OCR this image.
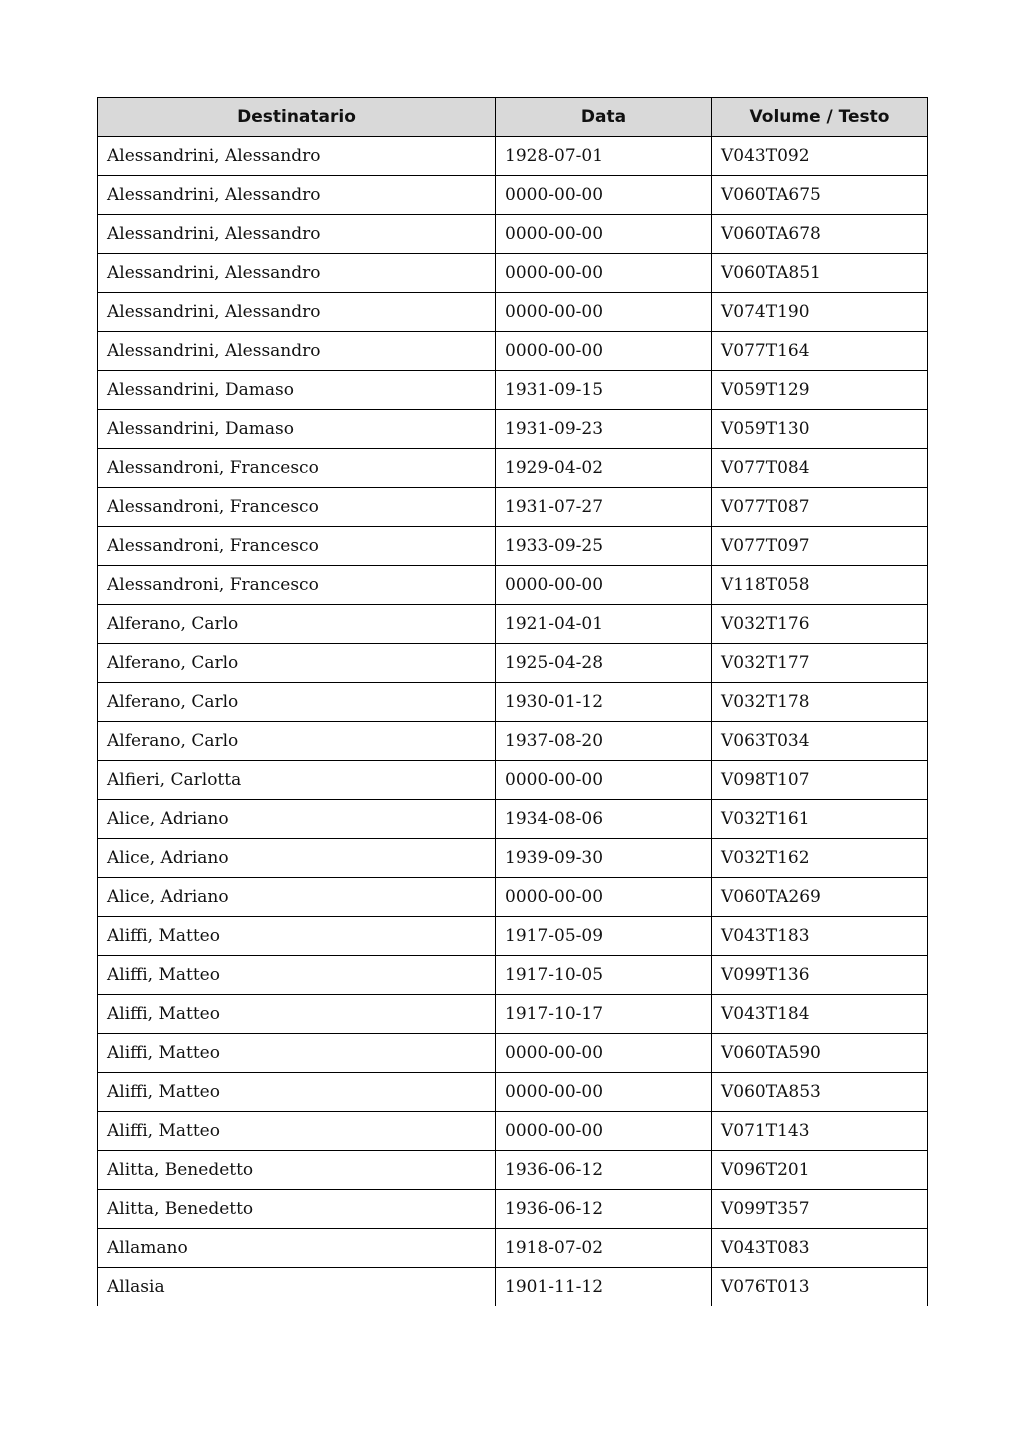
Destinatario	Data	Volume / Testo
Alessandrini, Alessandro	1928-07-01	V043T092
Alessandrini, Alessandro	0000-00-00	V060TA675
Alessandrini, Alessandro	0000-00-00	V060TA678
Alessandrini, Alessandro	0000-00-00	V060TA851
Alessandrini, Alessandro	0000-00-00	V074T190
Alessandrini, Alessandro	0000-00-00	V077T164
Alessandrini, Damaso	1931-09-15	V059T129
Alessandrini, Damaso	1931-09-23	V059T130
Alessandroni, Francesco	1929-04-02	V077T084
Alessandroni, Francesco	1931-07-27	V077T087
Alessandroni, Francesco	1933-09-25	V077T097
Alessandroni, Francesco	0000-00-00	V118T058
Alferano, Carlo	1921-04-01	V032T176
Alferano, Carlo	1925-04-28	V032T177
Alferano, Carlo	1930-01-12	V032T178
Alferano, Carlo	1937-08-20	V063T034
Alfieri, Carlotta	0000-00-00	V098T107
Alice, Adriano	1934-08-06	V032T161
Alice, Adriano	1939-09-30	V032T162
Alice, Adriano	0000-00-00	V060TA269
Aliffi, Matteo	1917-05-09	V043T183
Aliffi, Matteo	1917-10-05	V099T136
Aliffi, Matteo	1917-10-17	V043T184
Aliffi, Matteo	0000-00-00	V060TA590
Aliffi, Matteo	0000-00-00	V060TA853
Aliffi, Matteo	0000-00-00	V071T143
Alitta, Benedetto	1936-06-12	V096T201
Alitta, Benedetto	1936-06-12	V099T357
Allamano	1918-07-02	V043T083
Allasia	1901-11-12	V076T013
